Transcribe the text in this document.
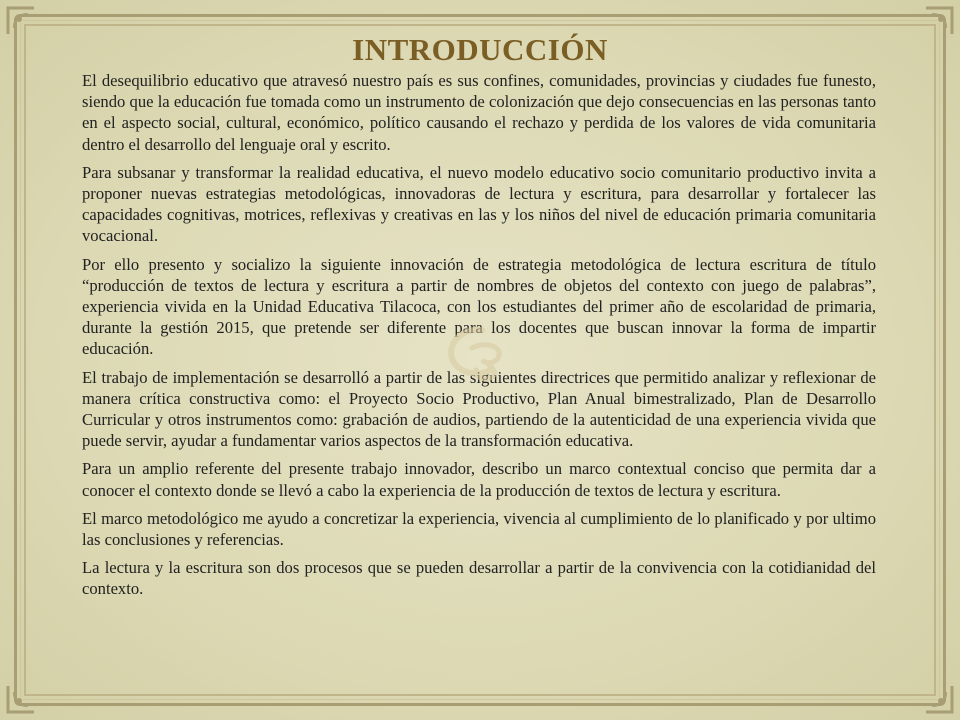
INTRODUCCIÓN

El desequilibrio educativo que atravesó nuestro país es sus confines, comunidades, provincias y ciudades fue funesto, siendo que la educación fue tomada como un instrumento de colonización que dejo consecuencias en las personas tanto en el aspecto social, cultural, económico, político causando el rechazo y perdida de los valores de vida comunitaria dentro el desarrollo del lenguaje oral y escrito.

Para subsanar y transformar la realidad educativa, el nuevo modelo educativo socio comunitario productivo invita a proponer nuevas estrategias metodológicas, innovadoras de lectura y escritura, para desarrollar y fortalecer las capacidades cognitivas, motrices, reflexivas y creativas en las y los niños del nivel de educación primaria comunitaria vocacional.

Por ello presento y socializo la siguiente innovación de estrategia metodológica de lectura escritura de título “producción de textos de lectura y escritura a partir de nombres de objetos del contexto con juego de palabras”, experiencia vivida en la Unidad Educativa Tilacoca, con los estudiantes del primer año de escolaridad de primaria, durante la gestión 2015, que pretende ser diferente para los docentes que buscan innovar la forma de impartir educación.

El trabajo de implementación se desarrolló a partir de las siguientes directrices que permitido analizar y reflexionar de manera crítica constructiva como: el Proyecto Socio Productivo, Plan Anual bimestralizado, Plan de Desarrollo Curricular y otros instrumentos como: grabación de audios, partiendo de la autenticidad de una experiencia vivida que puede servir, ayudar a fundamentar varios aspectos de la transformación educativa.

Para un amplio referente del presente trabajo innovador, describo un marco contextual conciso que permita dar a conocer el contexto donde se llevó a cabo la experiencia de la producción de textos de lectura y escritura.

El marco metodológico me ayudo a concretizar la experiencia, vivencia al cumplimiento de lo planificado y por ultimo las conclusiones y referencias.

La lectura y la escritura son dos procesos que se pueden desarrollar a partir de la convivencia con la cotidianidad del contexto.
